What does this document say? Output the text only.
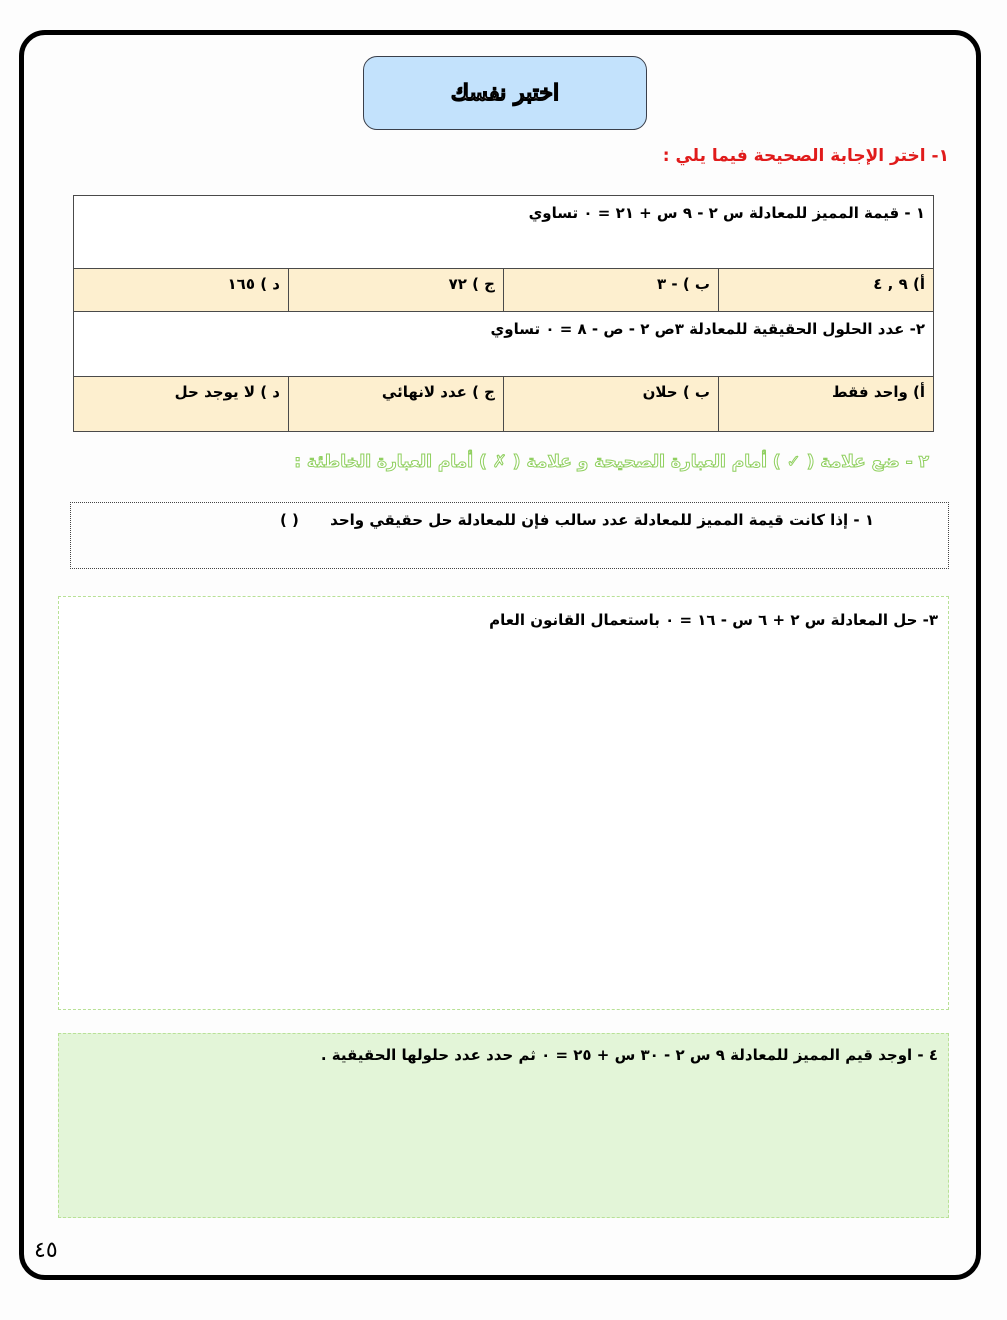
اختبر نفسك
١- اختر الإجابة الصحيحة فيما يلي :
١ - قيمة المميز للمعادلة س ٢ - ٩ س + ٢١ = ٠ تساوي			
أ) ٩ , ٤	ب ) - ٣	ج ) ٧٢	د ) ١٦٥
٢- عدد الحلول الحقيقية للمعادلة ٣ص ٢ - ص - ٨ = ٠ تساوي			
أ) واحد فقط	ب ) حلان	ج ) عدد لانهائي	د ) لا يوجد حل
٢ - ضع علامة ( ✓ ) أمام العبارة الصحيحة و علامة ( ✗ ) أمام العبارة الخاطئة :
١ - إذا كانت قيمة المميز للمعادلة عدد سالب فإن للمعادلة حل حقيقي واحد ( )
٣- حل المعادلة س ٢ + ٦ س - ١٦ = ٠ باستعمال القانون العام
٤ - اوجد قيم المميز للمعادلة ٩ س ٢ - ٣٠ س + ٢٥ = ٠ ثم حدد عدد حلولها الحقيقية .
٤٥
